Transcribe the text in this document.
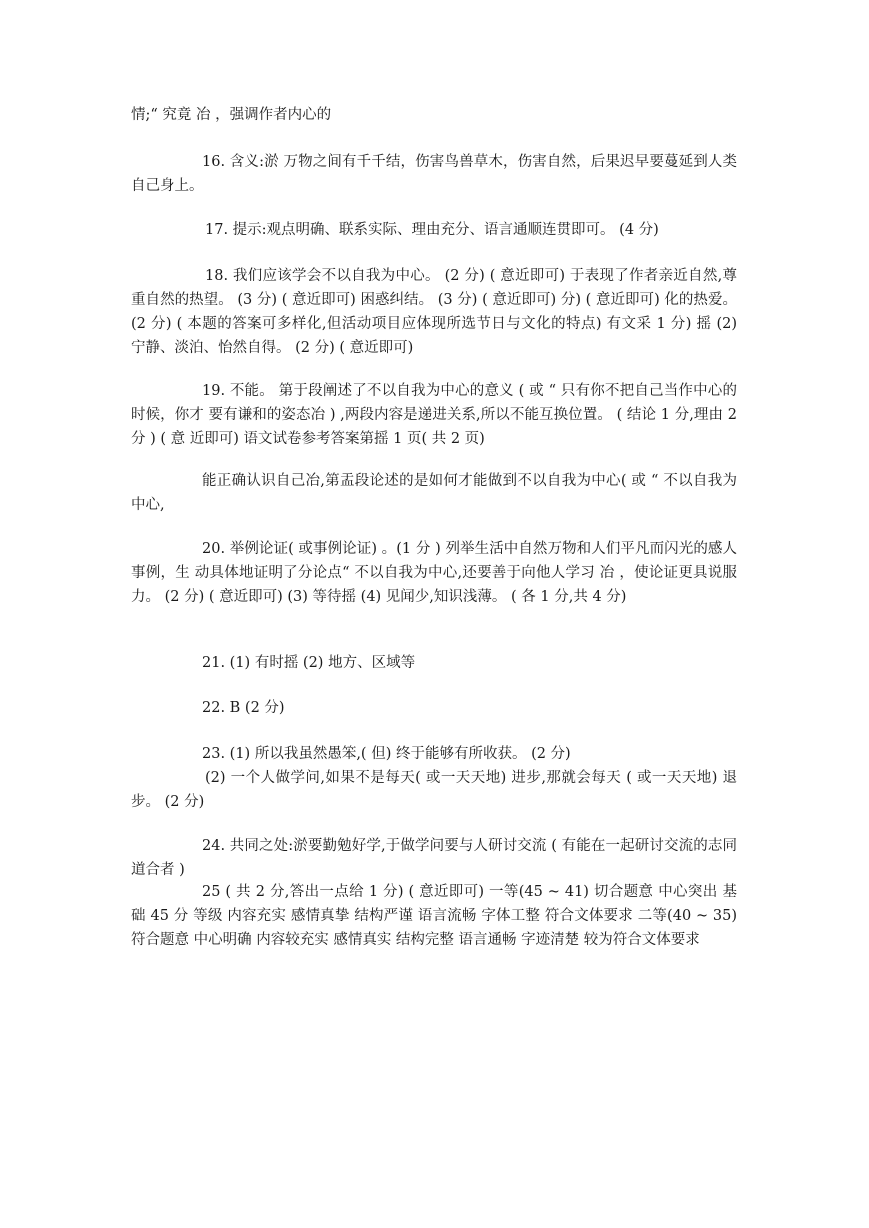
情;“ 究竟 冶 ，强调作者内心的

16. 含义:淤 万物之间有千千结，伤害鸟兽草木，伤害自然，后果迟早要蔓延到人类自己身上。

17. 提示:观点明确、联系实际、理由充分、语言通顺连贯即可。 (4 分)

18. 我们应该学会不以自我为中心。 (2 分) ( 意近即可) 于表现了作者亲近自然,尊重自然的热望。 (3 分) ( 意近即可) 困惑纠结。 (3 分) ( 意近即可) 分) ( 意近即可) 化的热爱。 (2 分) ( 本题的答案可多样化,但活动项目应体现所选节日与文化的特点) 有文采 1 分) 摇 (2) 宁静、淡泊、怡然自得。 (2 分) ( 意近即可)

19. 不能。 第于段阐述了不以自我为中心的意义 ( 或 “ 只有你不把自己当作中心的时候，你才 要有谦和的姿态冶 ) ,两段内容是递进关系,所以不能互换位置。 ( 结论 1 分,理由 2 分 ) ( 意 近即可) 语文试卷参考答案第摇 1 页( 共 2 页)

能正确认识自己冶,第盂段论述的是如何才能做到不以自我为中心( 或 “ 不以自我为中心,

20. 举例论证( 或事例论证) 。(1 分 ) 列举生活中自然万物和人们平凡而闪光的感人事例，生 动具体地证明了分论点“ 不以自我为中心,还要善于向他人学习 冶 ，使论证更具说服力。 (2 分) ( 意近即可) (3) 等待摇 (4) 见闻少,知识浅薄。 ( 各 1 分,共 4 分)

21. (1) 有时摇 (2) 地方、区域等

22. B (2 分)

23. (1) 所以我虽然愚笨,( 但) 终于能够有所收获。 (2 分)

(2) 一个人做学问,如果不是每天( 或一天天地) 进步,那就会每天 ( 或一天天地) 退步。 (2 分)

24. 共同之处:淤要勤勉好学,于做学问要与人研讨交流 ( 有能在一起研讨交流的志同道合者 )

25 ( 共 2 分,答出一点给 1 分) ( 意近即可) 一等(45 ~ 41) 切合题意 中心突出 基础 45 分 等级 内容充实 感情真挚 结构严谨 语言流畅 字体工整 符合文体要求 二等(40 ~ 35) 符合题意 中心明确 内容较充实 感情真实 结构完整 语言通畅 字迹清楚 较为符合文体要求
